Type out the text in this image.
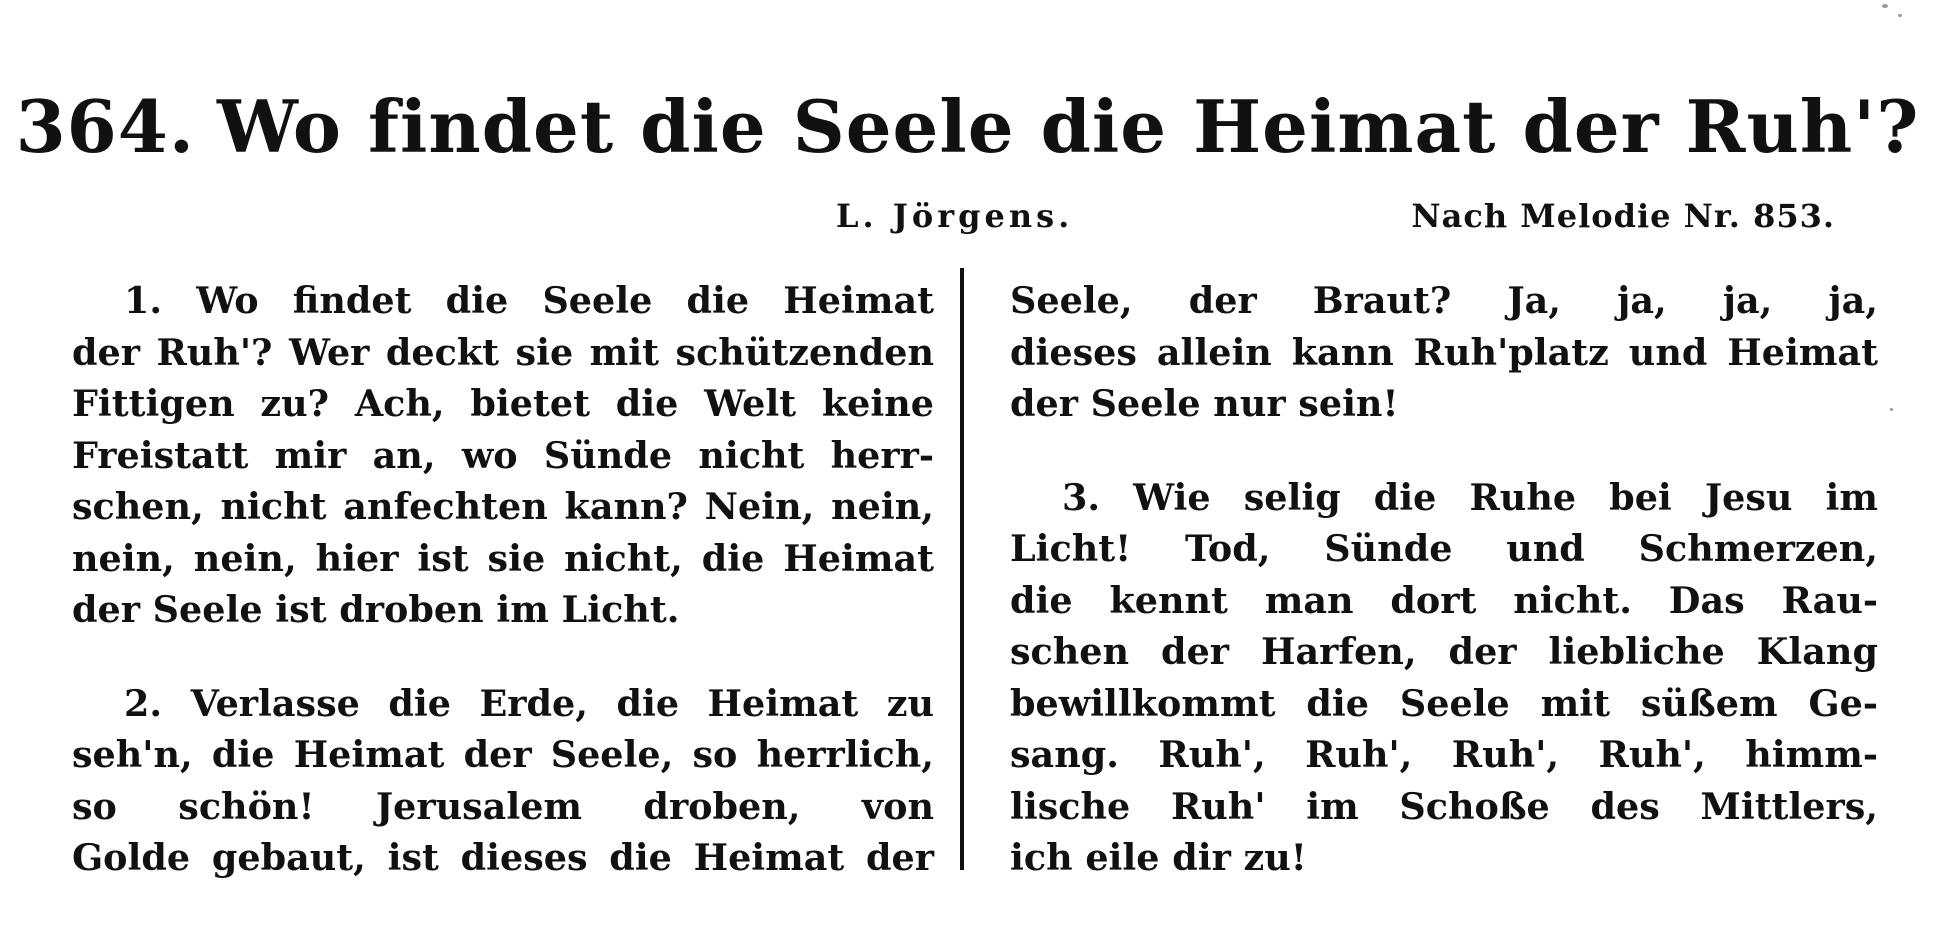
364. Wo findet die Seele die Heimat der Ruh'?
L. Jörgens.	Nach Melodie Nr. 853.
1. Wo findet die Seele die Heimat
der Ruh'? Wer deckt sie mit schützenden
Fittigen zu? Ach, bietet die Welt keine
Freistatt mir an, wo Sünde nicht herr-
schen, nicht anfechten kann? Nein, nein,
nein, nein, hier ist sie nicht, die Heimat
der Seele ist droben im Licht.
2. Verlasse die Erde, die Heimat zu
seh'n, die Heimat der Seele, so herrlich,
so schön! Jerusalem droben, von
Golde gebaut, ist dieses die Heimat der
Seele, der Braut? Ja, ja, ja, ja,
dieses allein kann Ruh'platz und Heimat
der Seele nur sein!
3. Wie selig die Ruhe bei Jesu im
Licht! Tod, Sünde und Schmerzen,
die kennt man dort nicht. Das Rau-
schen der Harfen, der liebliche Klang
bewillkommt die Seele mit süßem Ge-
sang. Ruh', Ruh', Ruh', Ruh', himm-
lische Ruh' im Schoße des Mittlers,
ich eile dir zu!
